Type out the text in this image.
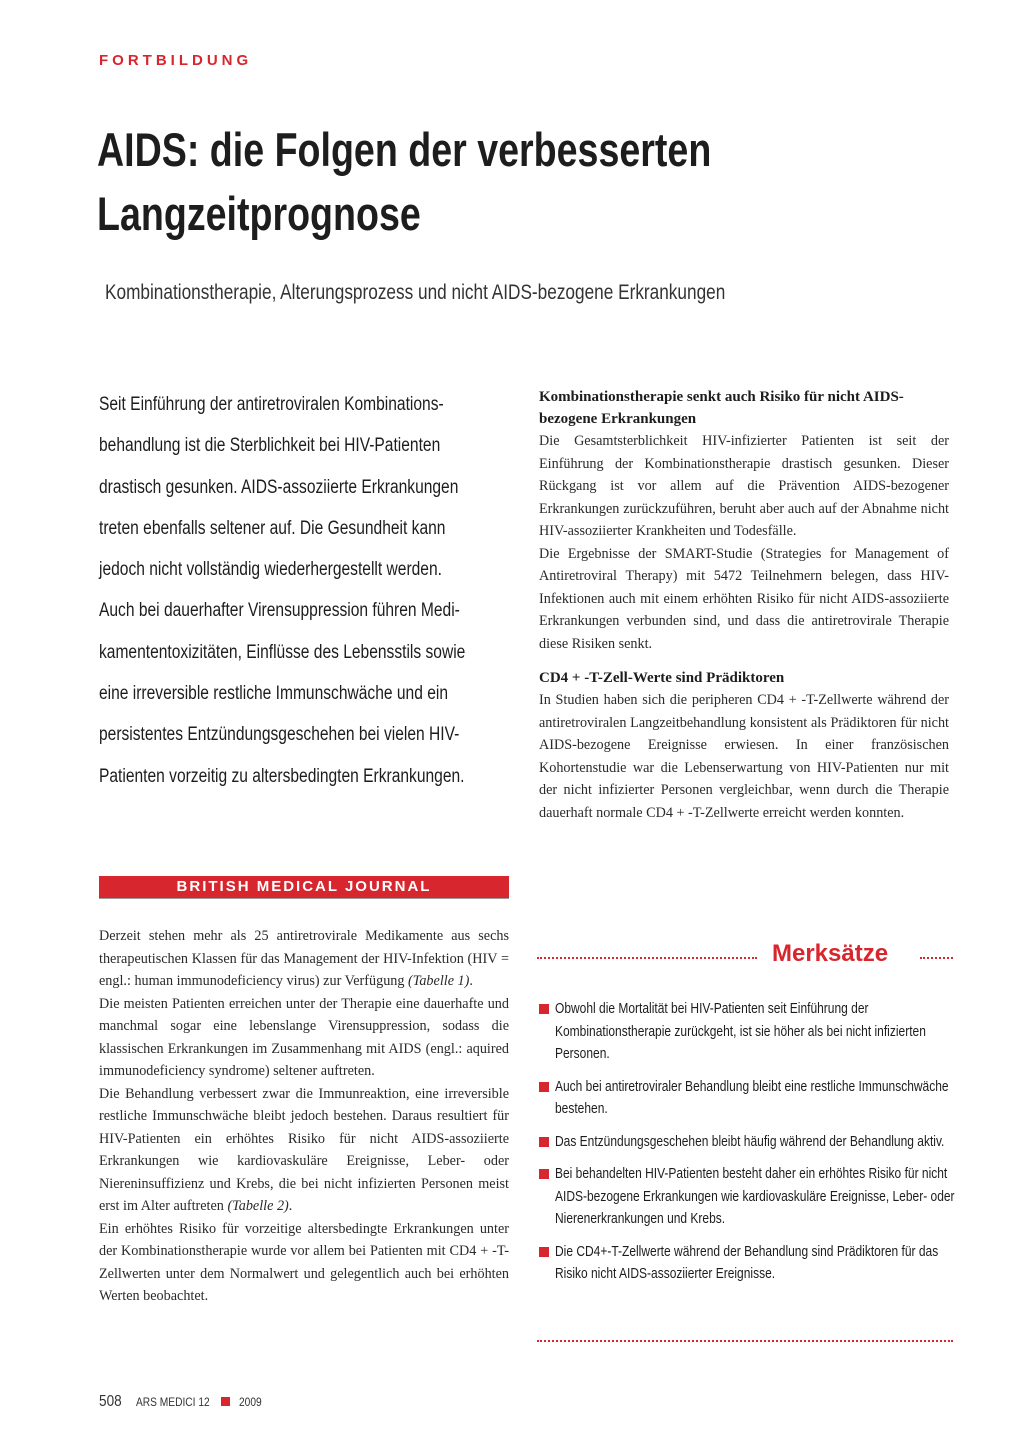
FORTBILDUNG
AIDS: die Folgen der verbesserten
Langzeitprognose

Kombinationstherapie, Alterungsprozess und nicht AIDS-bezogene Erkrankungen

Seit Einführung der antiretroviralen Kombinations-
behandlung ist die Sterblichkeit bei HIV-Patienten
drastisch gesunken. AIDS-assoziierte Erkrankungen
treten ebenfalls seltener auf. Die Gesundheit kann
jedoch nicht vollständig wiederhergestellt werden.
Auch bei dauerhafter Virensuppression führen Medi-
kamententoxizitäten, Einflüsse des Lebensstils sowie
eine irreversible restliche Immunschwäche und ein
persistentes Entzündungsgeschehen bei vielen HIV-
Patienten vorzeitig zu altersbedingten Erkrankungen.
BRITISH MEDICAL JOURNAL

Derzeit stehen mehr als 25 antiretrovirale Medikamente aus sechs therapeutischen Klassen für das Management der HIV-Infektion (HIV = engl.: human immunodeficiency virus) zur Verfügung (Tabelle 1).

Die meisten Patienten erreichen unter der Therapie eine dauerhafte und manchmal sogar eine lebenslange Virensuppression, sodass die klassischen Erkrankungen im Zusammenhang mit AIDS (engl.: aquired immunodeficiency syndrome) seltener auftreten.

Die Behandlung verbessert zwar die Immunreaktion, eine irreversible restliche Immunschwäche bleibt jedoch bestehen. Daraus resultiert für HIV-Patienten ein erhöhtes Risiko für nicht AIDS-assoziierte Erkrankungen wie kardiovaskuläre Ereignisse, Leber- oder Niereninsuffizienz und Krebs, die bei nicht infizierten Personen meist erst im Alter auftreten (Tabelle 2).

Ein erhöhtes Risiko für vorzeitige altersbedingte Erkrankungen unter der Kombinationstherapie wurde vor allem bei Patienten mit CD4 + -T-Zellwerten unter dem Normalwert und gelegentlich auch bei erhöhten Werten beobachtet.

Kombinationstherapie senkt auch Risiko für nicht AIDS-bezogene Erkrankungen

Die Gesamtsterblichkeit HIV-infizierter Patienten ist seit der Einführung der Kombinationstherapie drastisch gesunken. Dieser Rückgang ist vor allem auf die Prävention AIDS-bezogener Erkrankungen zurückzuführen, beruht aber auch auf der Abnahme nicht HIV-assoziierter Krankheiten und Todesfälle.

Die Ergebnisse der SMART-Studie (Strategies for Management of Antiretroviral Therapy) mit 5472 Teilnehmern belegen, dass HIV-Infektionen auch mit einem erhöhten Risiko für nicht AIDS-assoziierte Erkrankungen verbunden sind, und dass die antiretrovirale Therapie diese Risiken senkt.

CD4 + -T-Zell-Werte sind Prädiktoren

In Studien haben sich die peripheren CD4 + -T-Zellwerte während der antiretroviralen Langzeitbehandlung konsistent als Prädiktoren für nicht AIDS-bezogene Ereignisse erwiesen. In einer französischen Kohortenstudie war die Lebenserwartung von HIV-Patienten nur mit der nicht infizierter Personen vergleichbar, wenn durch die Therapie dauerhaft normale CD4 + -T-Zellwerte erreicht werden konnten.

Merksätze
Obwohl die Mortalität bei HIV-Patienten seit Einführung der Kombinationstherapie zurückgeht, ist sie höher als bei nicht infizierten Personen.
Auch bei antiretroviraler Behandlung bleibt eine restliche Immunschwäche bestehen.
Das Entzündungsgeschehen bleibt häufig während der Behandlung aktiv.
Bei behandelten HIV-Patienten besteht daher ein erhöhtes Risiko für nicht AIDS-bezogene Erkrankungen wie kardiovaskuläre Ereignisse, Leber- oder Nierenerkrankungen und Krebs.
Die CD4+-T-Zellwerte während der Behandlung sind Prädiktoren für das Risiko nicht AIDS-assoziierter Ereignisse.
508 ARS MEDICI 12 2009
